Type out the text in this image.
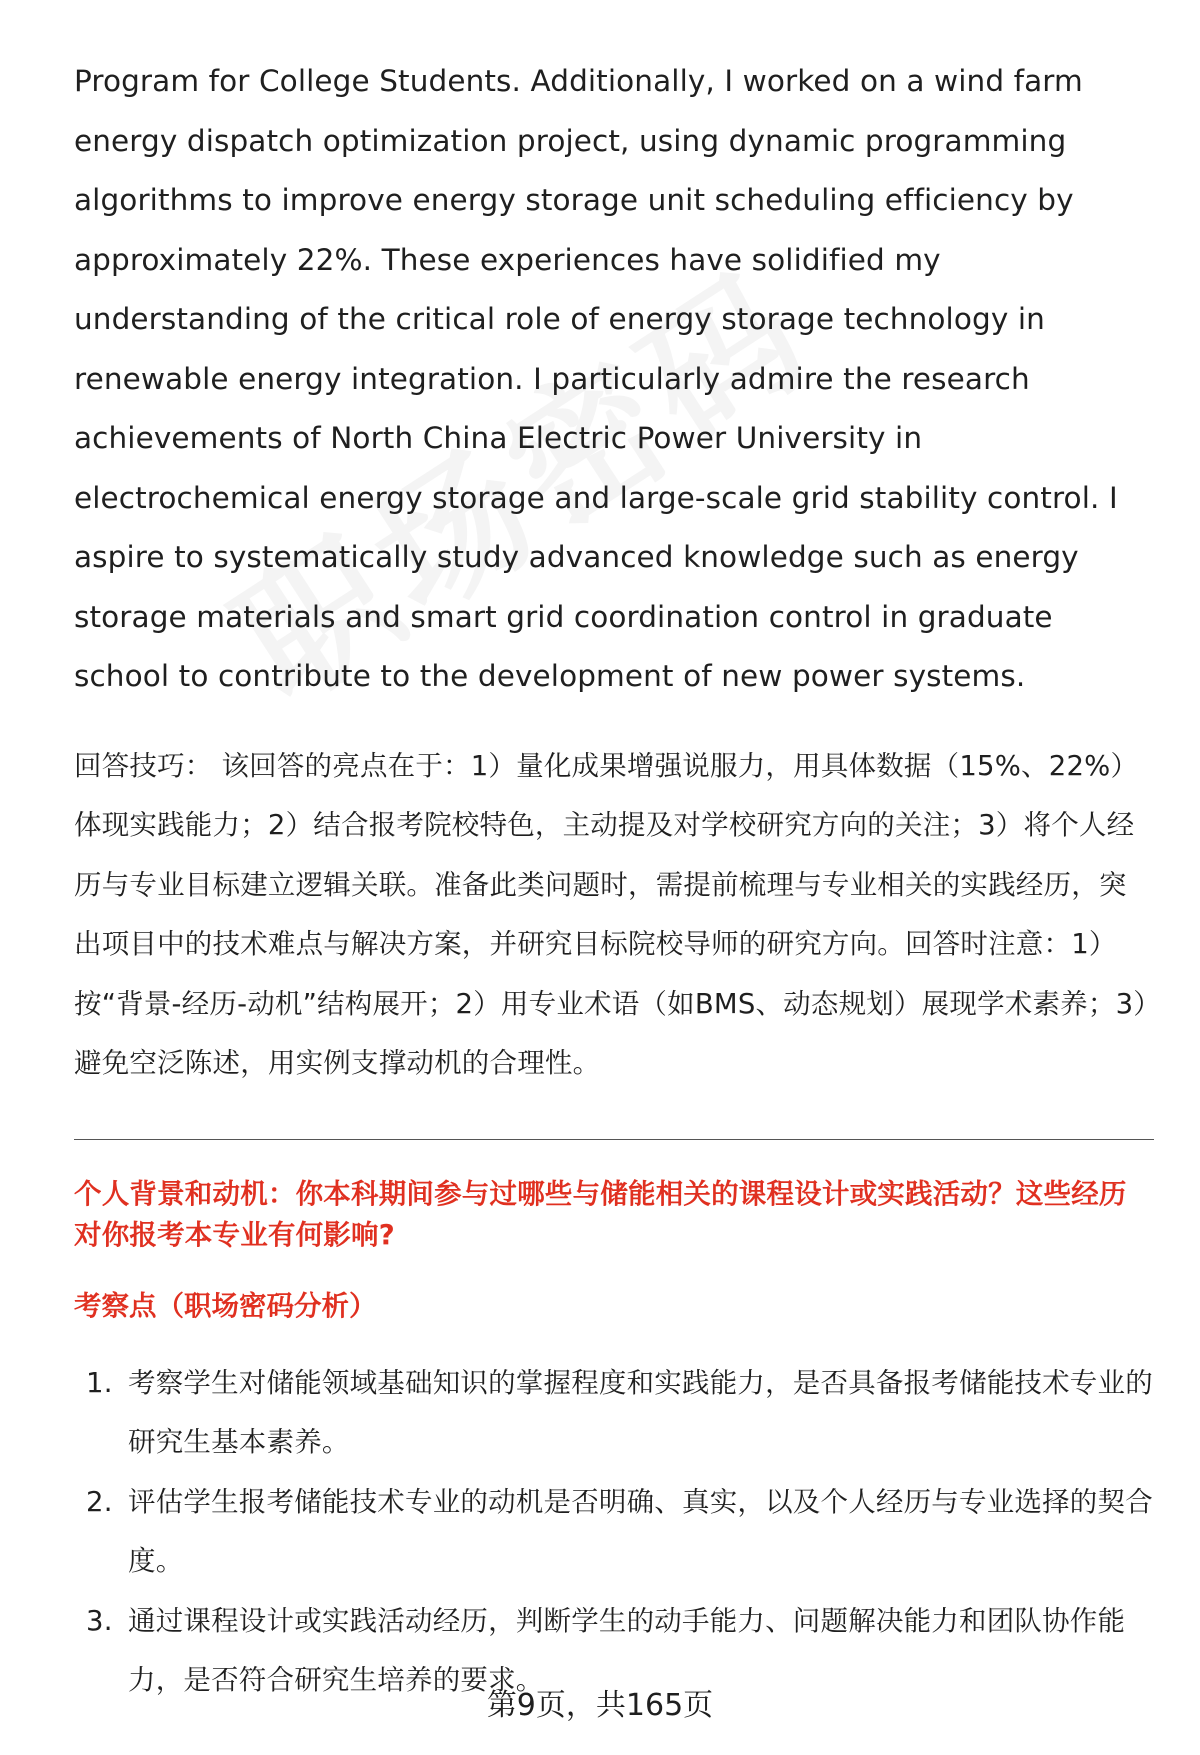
Program for College Students. Additionally, I worked on a wind farm energy dispatch optimization project, using dynamic programming algorithms to improve energy storage unit scheduling efficiency by approximately 22%. These experiences have solidified my understanding of the critical role of energy storage technology in renewable energy integration. I particularly admire the research achievements of North China Electric Power University in electrochemical energy storage and large-scale grid stability control. I aspire to systematically study advanced knowledge such as energy storage materials and smart grid coordination control in graduate school to contribute to the development of new power systems.

回答技巧： 该回答的亮点在于：1）量化成果增强说服力，用具体数据（15%、22%）体现实践能力；2）结合报考院校特色，主动提及对学校研究方向的关注；3）将个人经历与专业目标建立逻辑关联。准备此类问题时，需提前梳理与专业相关的实践经历，突出项目中的技术难点与解决方案，并研究目标院校导师的研究方向。回答时注意：1）按“背景-经历-动机”结构展开；2）用专业术语（如BMS、动态规划）展现学术素养；3）避免空泛陈述，用实例支撑动机的合理性。

个人背景和动机：你本科期间参与过哪些与储能相关的课程设计或实践活动？这些经历对你报考本专业有何影响?
考察点（职场密码分析）
1. 考察学生对储能领域基础知识的掌握程度和实践能力，是否具备报考储能技术专业的研究生基本素养。
2. 评估学生报考储能技术专业的动机是否明确、真实，以及个人经历与专业选择的契合度。
3. 通过课程设计或实践活动经历，判断学生的动手能力、问题解决能力和团队协作能力，是否符合研究生培养的要求。
第9页，共165页
